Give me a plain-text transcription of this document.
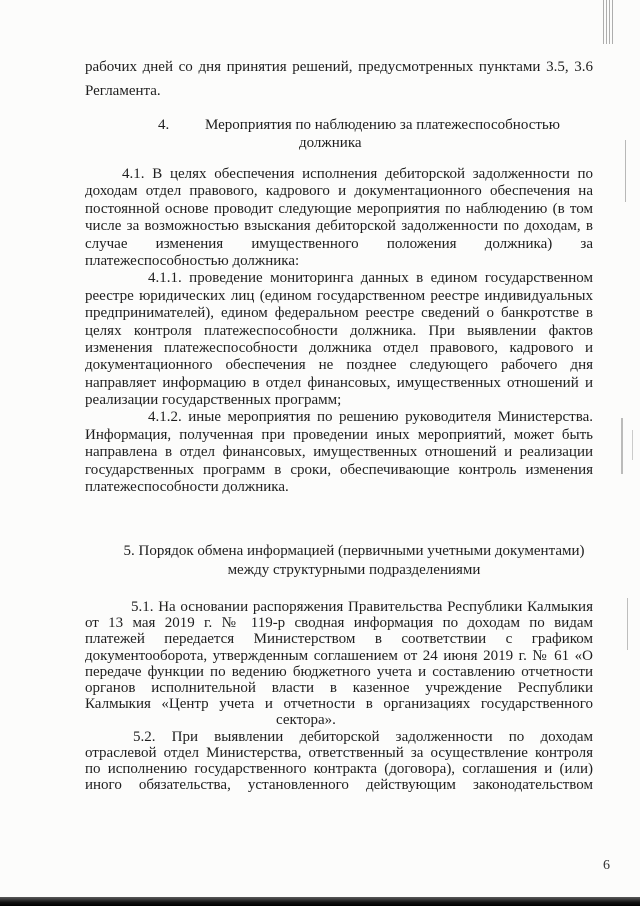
рабочих дней со дня принятия решений, предусмотренных пунктами 3.5, 3.6
Регламента.
4. Мероприятия по наблюдению за платежеспособностью
должника
4.1. В целях обеспечения исполнения дебиторской задолженности по
доходам отдел правового, кадрового и документационного обеспечения на
постоянной основе проводит следующие мероприятия по наблюдению (в том
числе за возможностью взыскания дебиторской задолженности по доходам, в
случае изменения имущественного положения должника) за
платежеспособностью должника:
4.1.1. проведение мониторинга данных в едином государственном
реестре юридических лиц (едином государственном реестре индивидуальных
предпринимателей), едином федеральном реестре сведений о банкротстве в
целях контроля платежеспособности должника. При выявлении фактов
изменения платежеспособности должника отдел правового, кадрового и
документационного обеспечения не позднее следующего рабочего дня
направляет информацию в отдел финансовых, имущественных отношений и
реализации государственных программ;
4.1.2. иные мероприятия по решению руководителя Министерства.
Информация, полученная при проведении иных мероприятий, может быть
направлена в отдел финансовых, имущественных отношений и реализации
государственных программ в сроки, обеспечивающие контроль изменения
платежеспособности должника.
5. Порядок обмена информацией (первичными учетными документами)
между структурными подразделениями
5.1. На основании распоряжения Правительства Республики Калмыкия
от 13 мая 2019 г. № 119-р сводная информация по доходам по видам
платежей передается Министерством в соответствии с графиком
документооборота, утвержденным соглашением от 24 июня 2019 г. № 61 «О
передаче функции по ведению бюджетного учета и составлению отчетности
органов исполнительной власти в казенное учреждение Республики
Калмыкия «Центр учета и отчетности в организациях государственного
сектора».
5.2. При выявлении дебиторской задолженности по доходам
отраслевой отдел Министерства, ответственный за осуществление контроля
по исполнению государственного контракта (договора), соглашения и (или)
иного обязательства, установленного действующим законодательством
6
